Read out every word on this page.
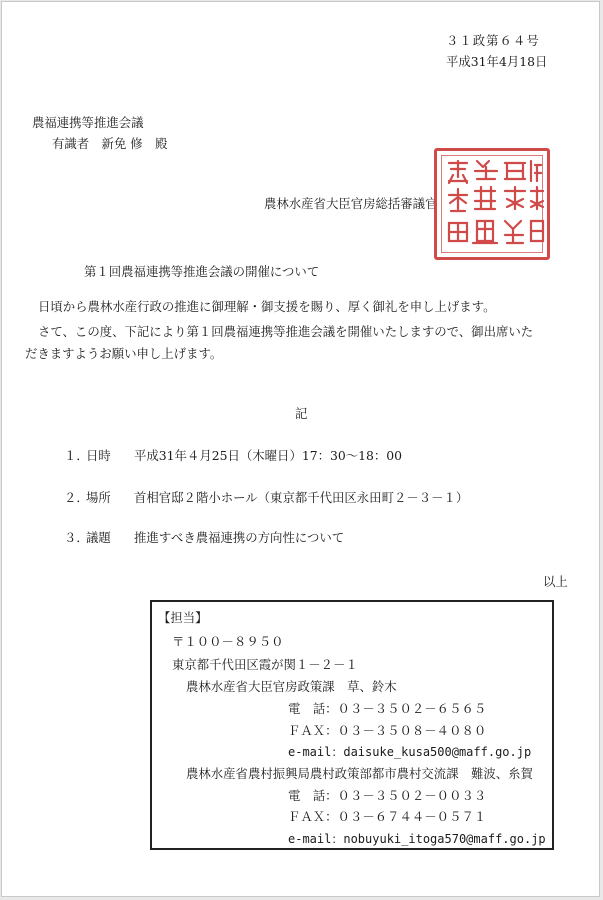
３１政第６４号
平成31年4月18日
農福連携等推進会議
有識者　新免 修　殿
農林水産省大臣官房総括審議官
第１回農福連携等推進会議の開催について
日頃から農林水産行政の推進に御理解・御支援を賜り、厚く御礼を申し上げます。
さて、この度、下記により第１回農福連携等推進会議を開催いたしますので、御出席いた
だきますようお願い申し上げます。
記
１．
日時 平成31年４月25日（木曜日）17：30～18：00
２．
場所 首相官邸２階小ホール（東京都千代田区永田町２－３－１）
３．
議題 推進すべき農福連携の方向性について
以上
【担当】
〒１００－８９５０
東京都千代田区霞が関１－２－１
農林水産省大臣官房政策課　草、鈴木
電　話：０３－３５０２－６５６５
ＦＡＸ：０３－３５０８－４０８０
e-mail：daisuke_kusa500@maff.go.jp
農林水産省農村振興局農村政策部都市農村交流課　難波、糸賀
電　話：０３－３５０２－００３３
ＦＡＸ：０３－６７４４－０５７１
e-mail：nobuyuki_itoga570@maff.go.jp
